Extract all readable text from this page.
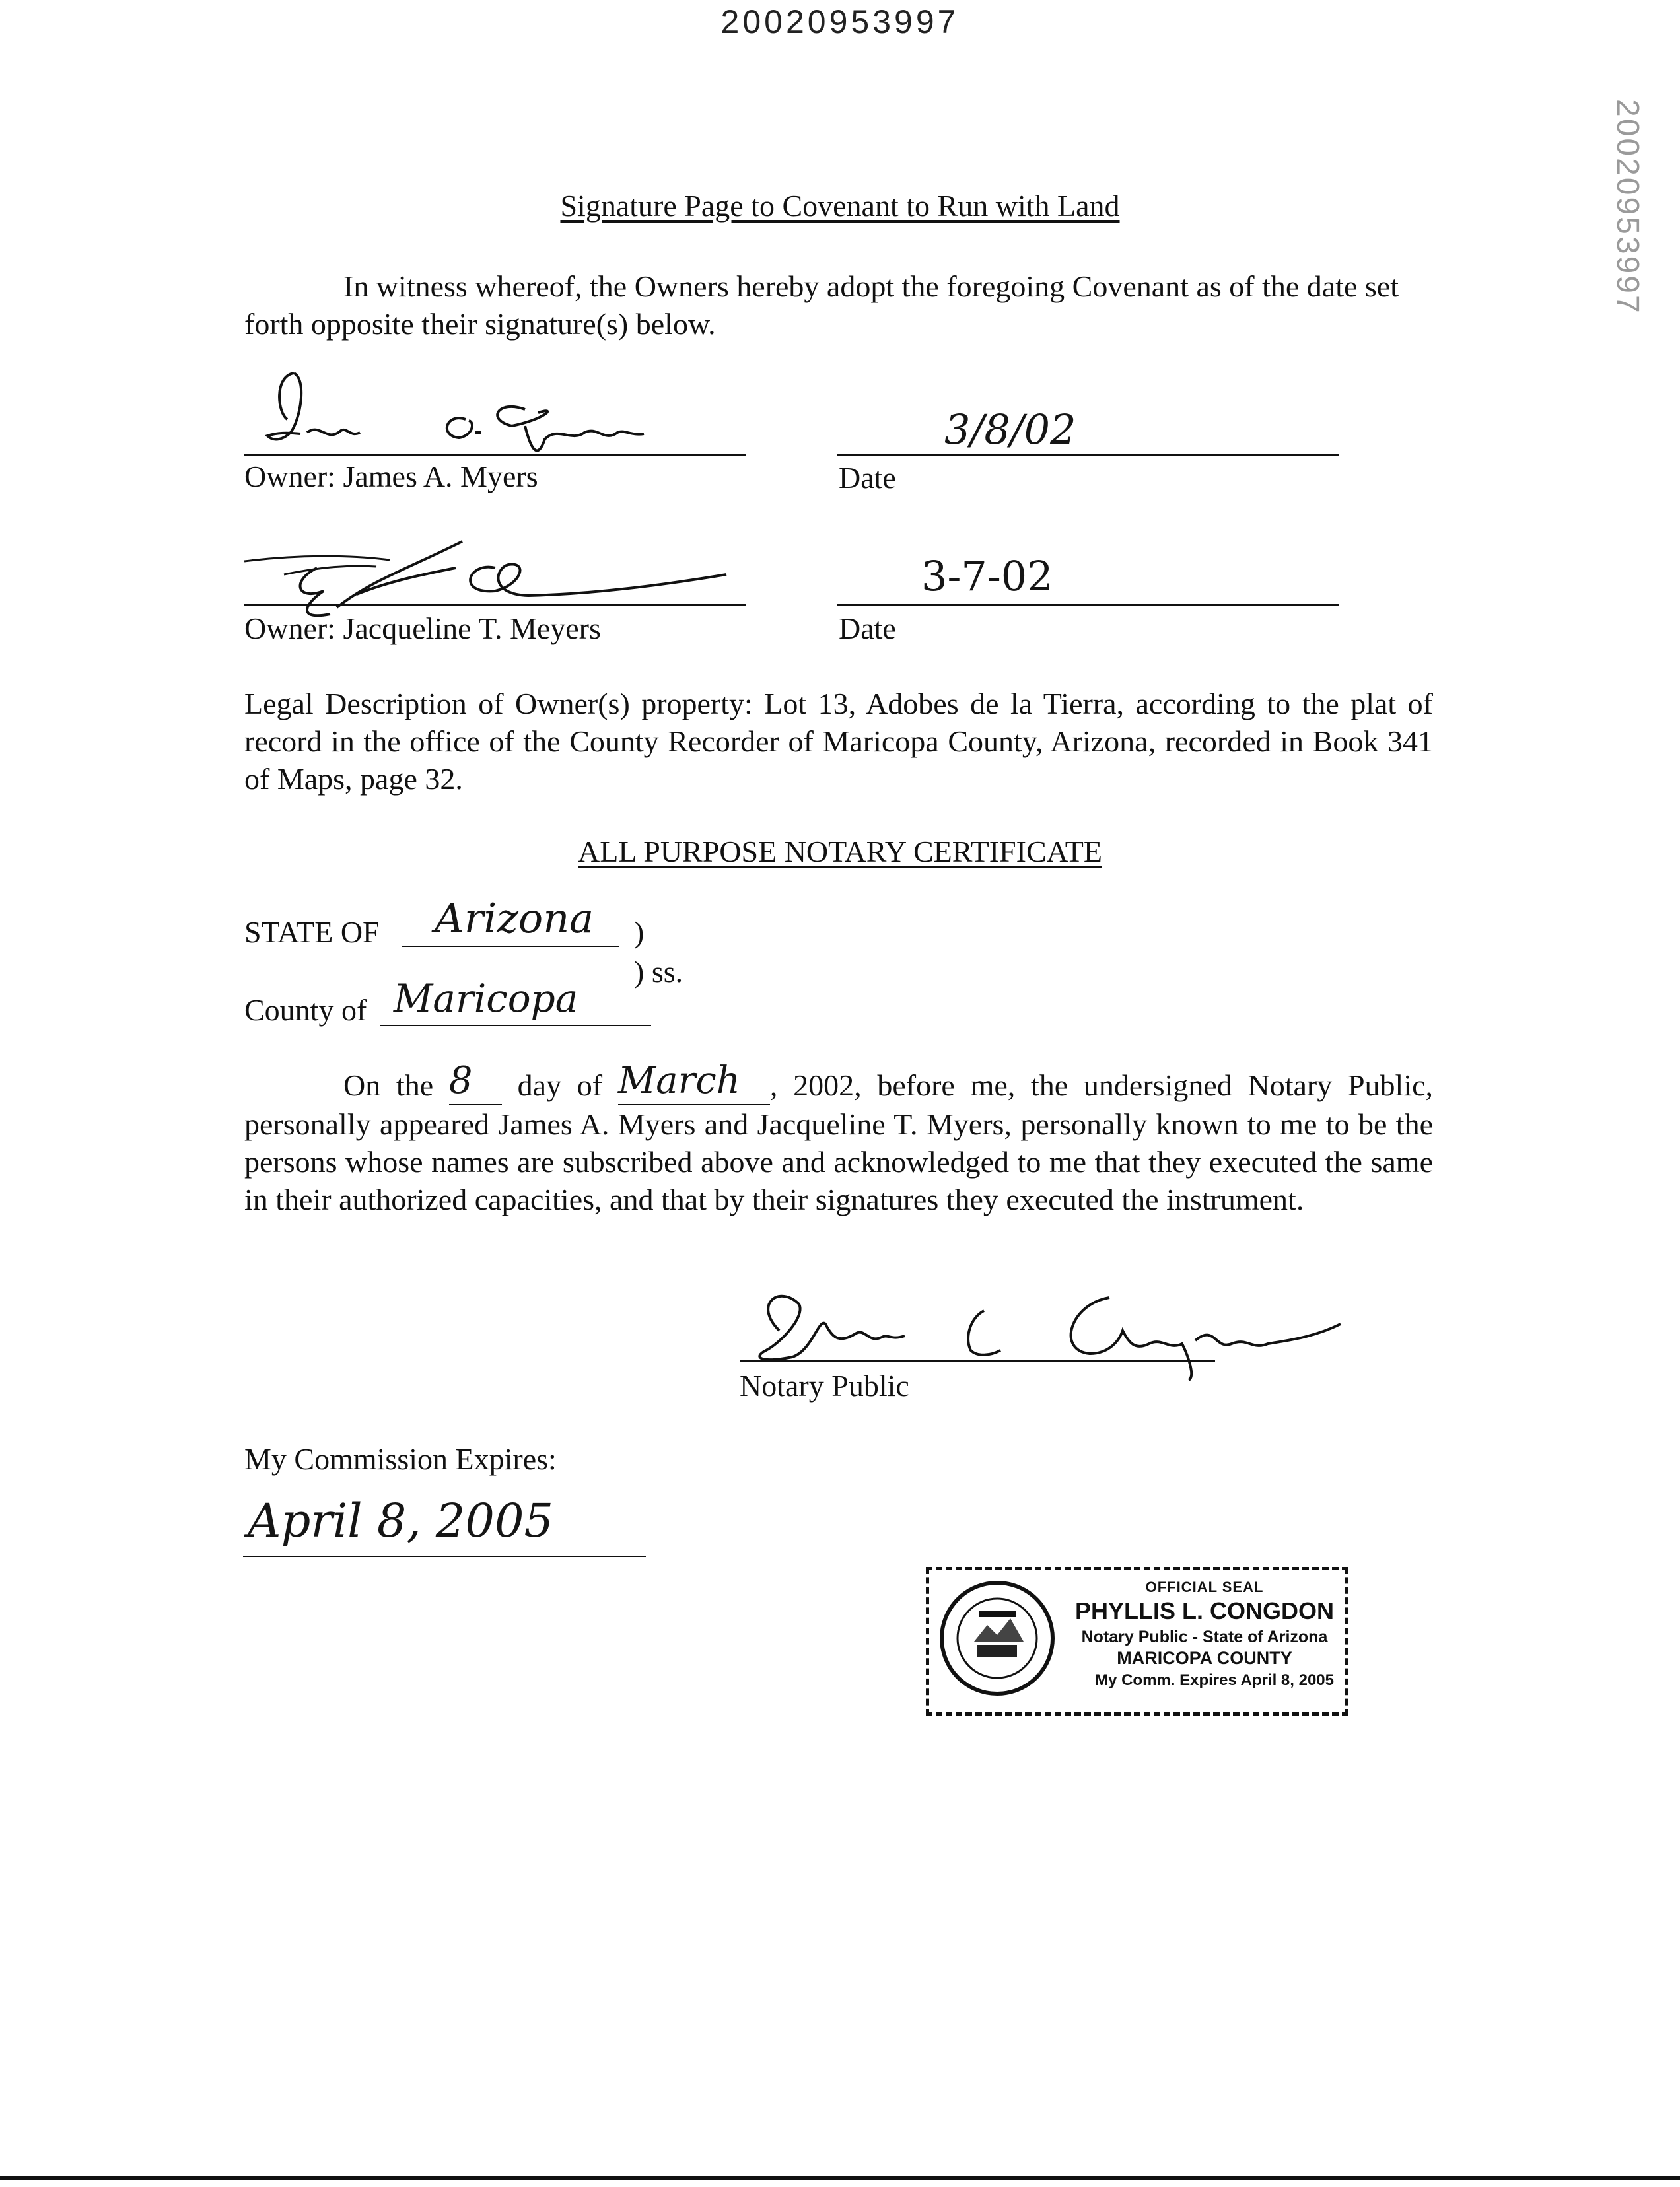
20020953997
20020953997
Signature Page to Covenant to Run with Land
In witness whereof, the Owners hereby adopt the foregoing Covenant as of the date set forth opposite their signature(s) below.
Owner: James A. Myers
3/8/02
Date
Owner: Jacqueline T. Meyers
3-7-02
Date
Legal Description of Owner(s) property: Lot 13, Adobes de la Tierra, according to the plat of record in the office of the County Recorder of Maricopa County, Arizona, recorded in Book 341 of Maps, page 32.
ALL PURPOSE NOTARY CERTIFICATE
STATE OF Arizona )
) ss.
County of Maricopa
On the 8 day of March , 2002, before me, the undersigned Notary Public, personally appeared James A. Myers and Jacqueline T. Myers, personally known to me to be the persons whose names are subscribed above and acknowledged to me that they executed the same in their authorized capacities, and that by their signatures they executed the instrument.
Notary Public
My Commission Expires:
April 8, 2005
OFFICIAL SEAL
PHYLLIS L. CONGDON
Notary Public - State of Arizona
MARICOPA COUNTY
My Comm. Expires April 8, 2005
